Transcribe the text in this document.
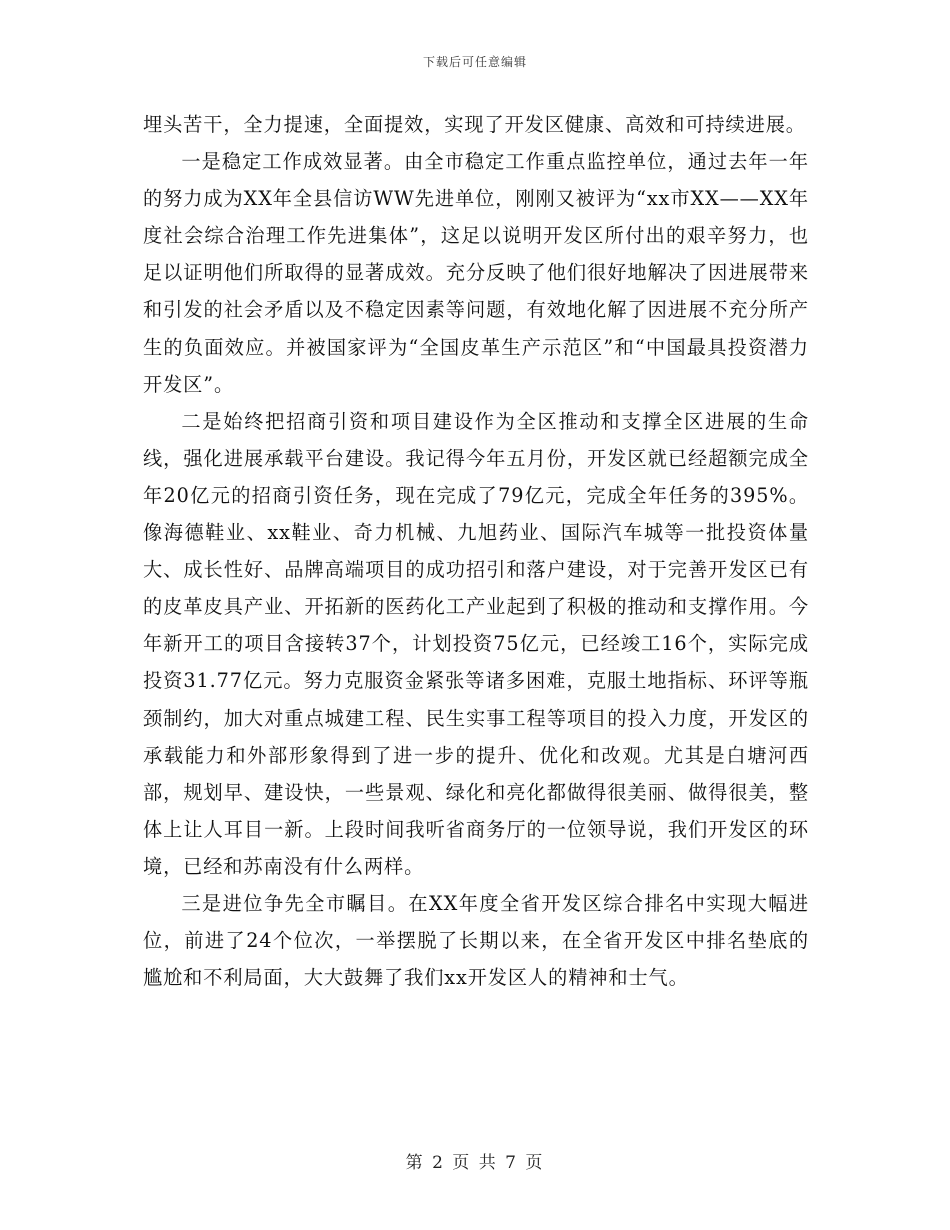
下载后可任意编辑

埋头苦干，全力提速，全面提效，实现了开发区健康、高效和可持续进展。

一是稳定工作成效显著。由全市稳定工作重点监控单位，通过去年一年的努力成为XX年全县信访WW先进单位，刚刚又被评为“xx市XX——XX年度社会综合治理工作先进集体”，这足以说明开发区所付出的艰辛努力，也足以证明他们所取得的显著成效。充分反映了他们很好地解决了因进展带来和引发的社会矛盾以及不稳定因素等问题，有效地化解了因进展不充分所产生的负面效应。并被国家评为“全国皮革生产示范区”和“中国最具投资潜力开发区”。

二是始终把招商引资和项目建设作为全区推动和支撑全区进展的生命线，强化进展承载平台建设。我记得今年五月份，开发区就已经超额完成全年20亿元的招商引资任务，现在完成了79亿元，完成全年任务的395%。像海德鞋业、xx鞋业、奇力机械、九旭药业、国际汽车城等一批投资体量大、成长性好、品牌高端项目的成功招引和落户建设，对于完善开发区已有的皮革皮具产业、开拓新的医药化工产业起到了积极的推动和支撑作用。今年新开工的项目含接转37个，计划投资75亿元，已经竣工16个，实际完成投资31.77亿元。努力克服资金紧张等诸多困难，克服土地指标、环评等瓶颈制约，加大对重点城建工程、民生实事工程等项目的投入力度，开发区的承载能力和外部形象得到了进一步的提升、优化和改观。尤其是白塘河西部，规划早、建设快，一些景观、绿化和亮化都做得很美丽、做得很美，整体上让人耳目一新。上段时间我听省商务厅的一位领导说，我们开发区的环境，已经和苏南没有什么两样。

三是进位争先全市瞩目。在XX年度全省开发区综合排名中实现大幅进位，前进了24个位次，一举摆脱了长期以来，在全省开发区中排名垫底的尴尬和不利局面，大大鼓舞了我们xx开发区人的精神和士气。

第 2 页 共 7 页
